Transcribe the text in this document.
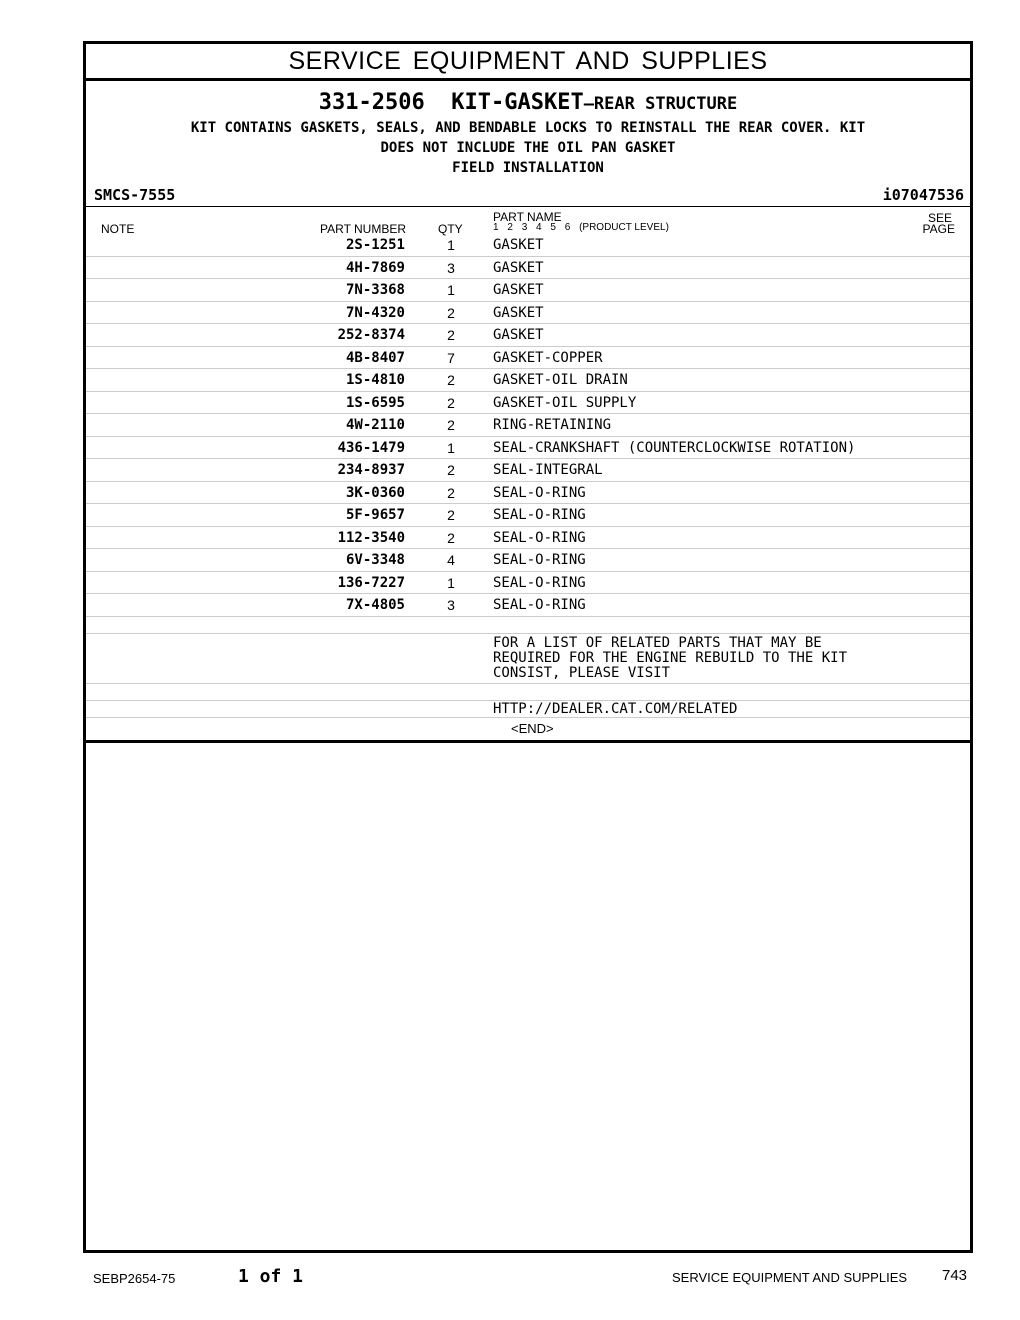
SERVICE EQUIPMENT AND SUPPLIES
331-2506 KIT-GASKET—REAR STRUCTURE
KIT CONTAINS GASKETS, SEALS, AND BENDABLE LOCKS TO REINSTALL THE REAR COVER. KIT
DOES NOT INCLUDE THE OIL PAN GASKET
FIELD INSTALLATION
SMCS-7555	i07047536
NOTE	PART NUMBER	QTY
PART NAME
1 2 3 4 5 6 (PRODUCT LEVEL)
SEE
PAGE
2S-1251	1	GASKET
4H-7869	3	GASKET
7N-3368	1	GASKET
7N-4320	2	GASKET
252-8374	2	GASKET
4B-8407	7	GASKET-COPPER
1S-4810	2	GASKET-OIL DRAIN
1S-6595	2	GASKET-OIL SUPPLY
4W-2110	2	RING-RETAINING
436-1479	1	SEAL-CRANKSHAFT (COUNTERCLOCKWISE ROTATION)
234-8937	2	SEAL-INTEGRAL
3K-0360	2	SEAL-O-RING
5F-9657	2	SEAL-O-RING
112-3540	2	SEAL-O-RING
6V-3348	4	SEAL-O-RING
136-7227	1	SEAL-O-RING
7X-4805	3	SEAL-O-RING
FOR A LIST OF RELATED PARTS THAT MAY BE
REQUIRED FOR THE ENGINE REBUILD TO THE KIT
CONSIST, PLEASE VISIT
HTTP://DEALER.CAT.COM/RELATED
<END>
SEBP2654-75	1 of 1	SERVICE EQUIPMENT AND SUPPLIES 743
